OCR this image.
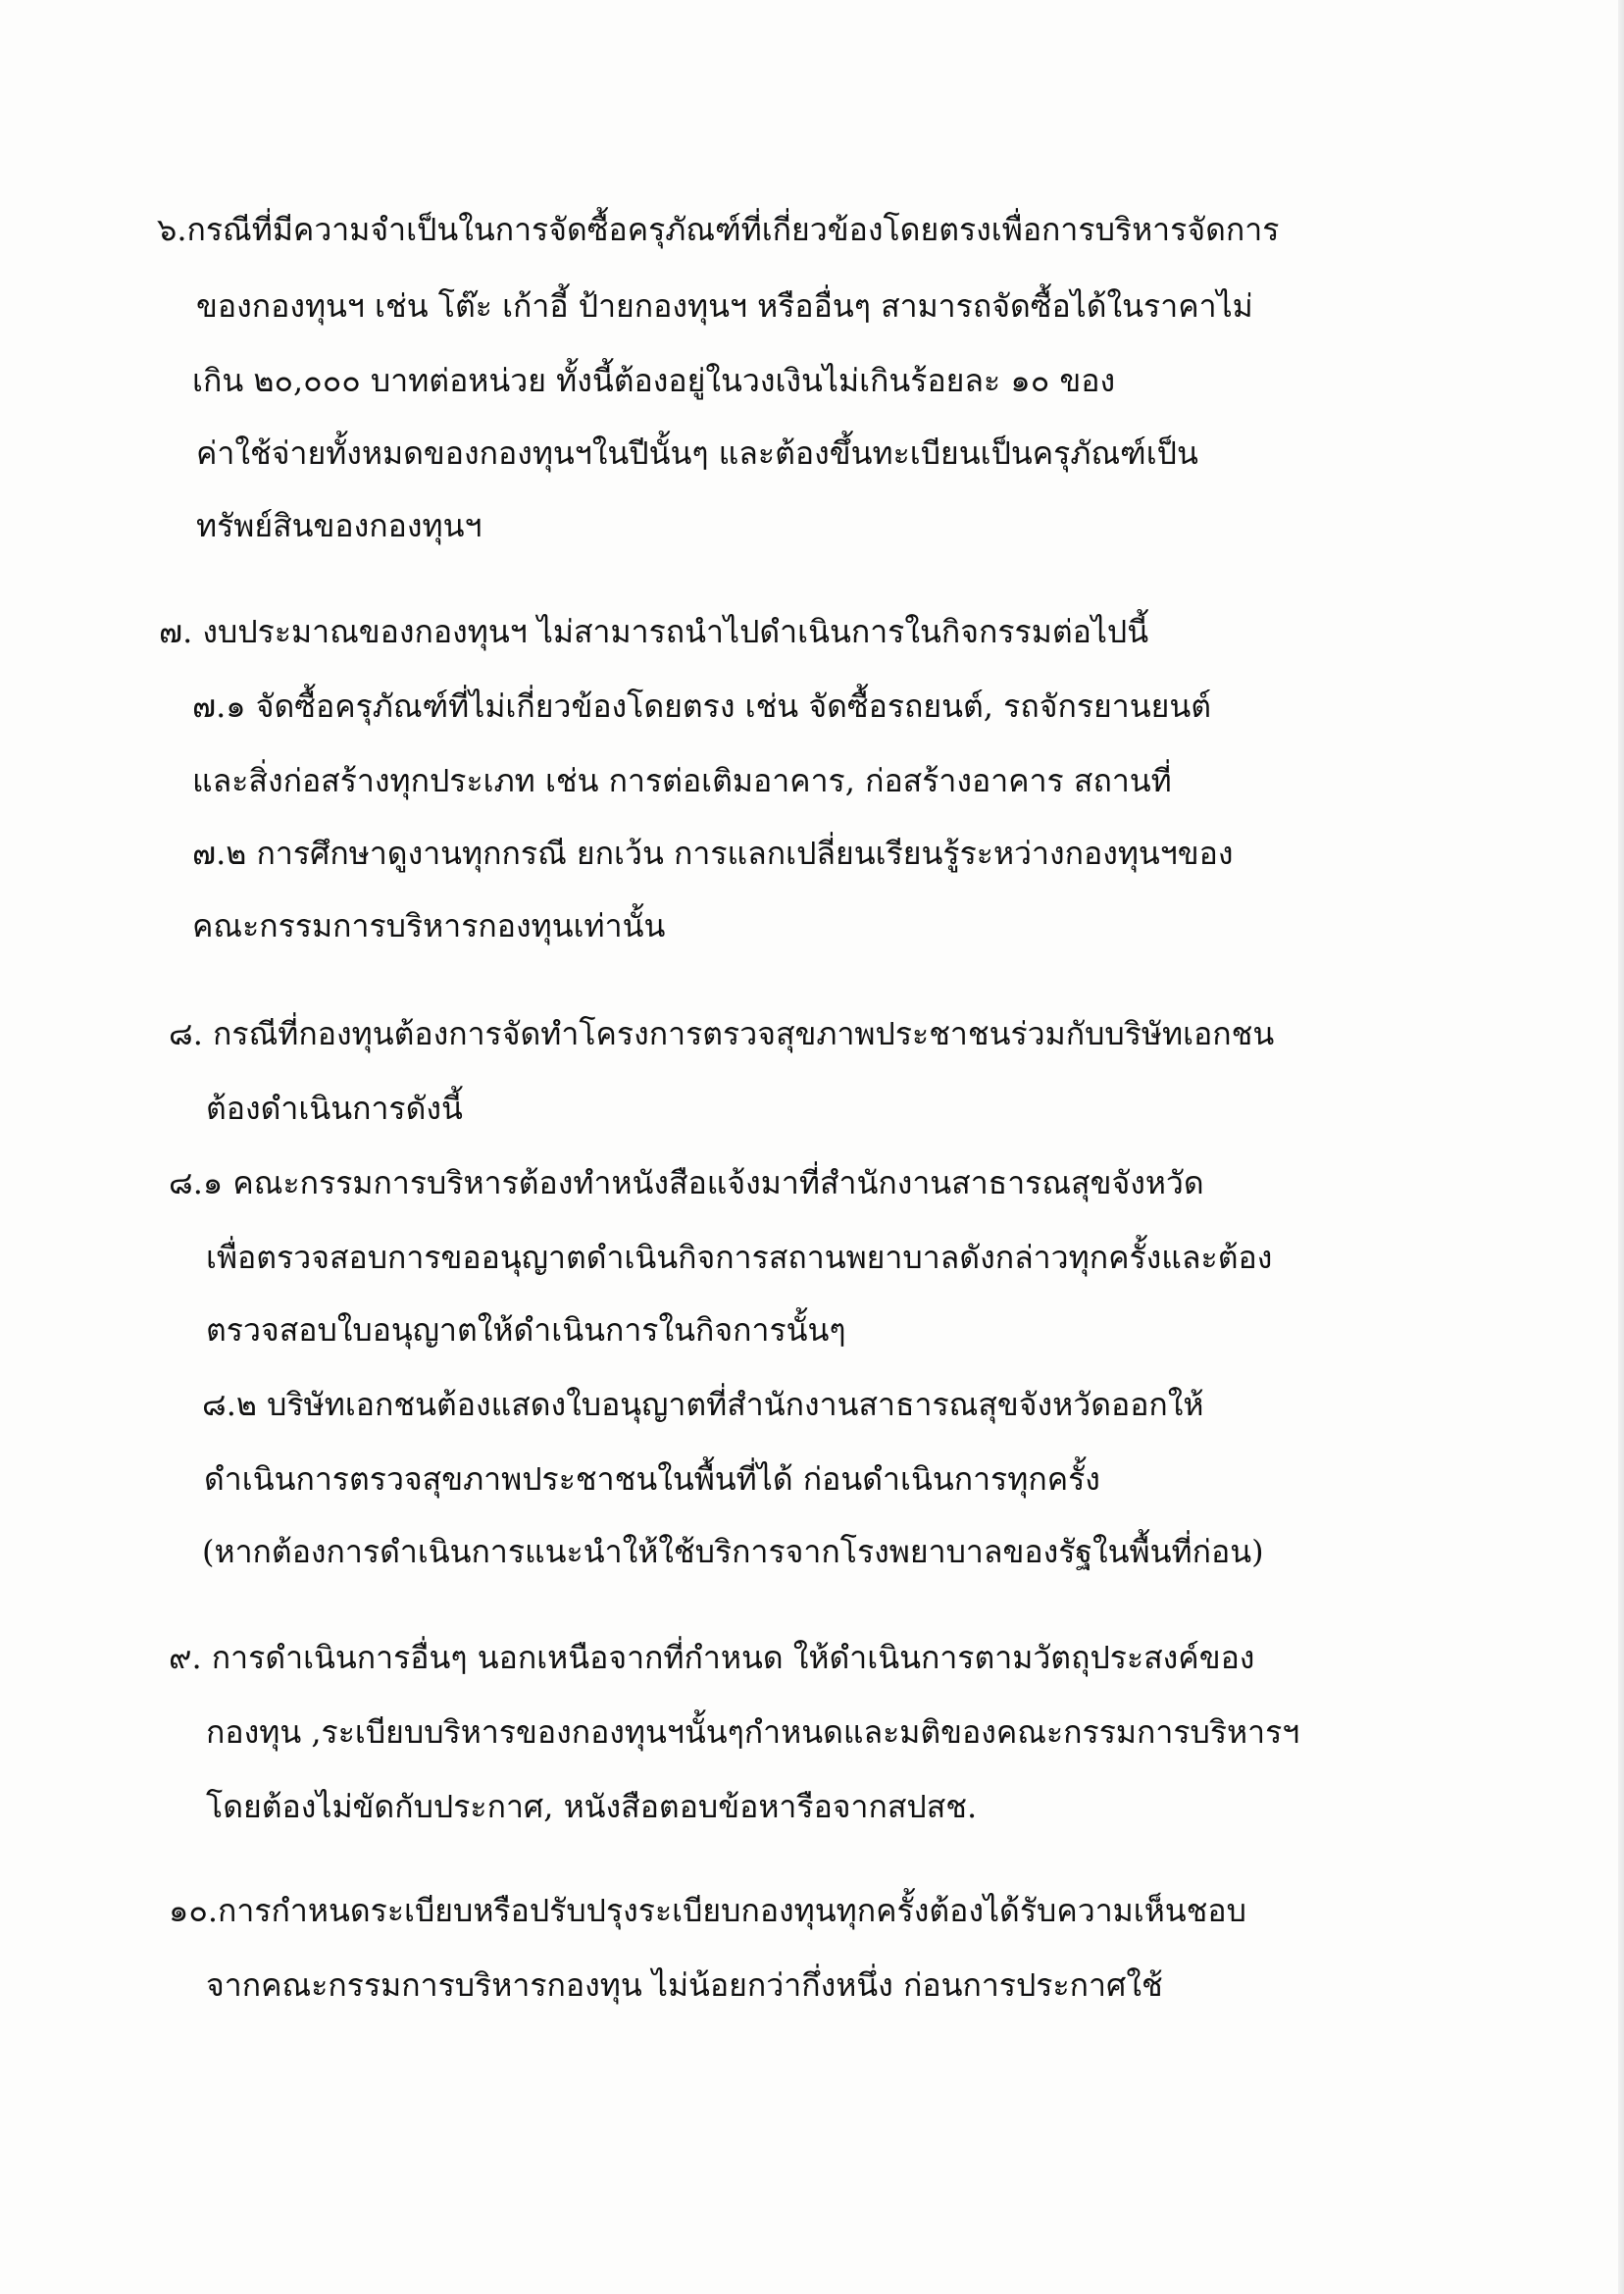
๖.กรณีที่มีความจำเป็นในการจัดซื้อครุภัณฑ์ที่เกี่ยวข้องโดยตรงเพื่อการบริหารจัดการ
ของกองทุนฯ เช่น โต๊ะ เก้าอี้ ป้ายกองทุนฯ หรืออื่นๆ สามารถจัดซื้อได้ในราคาไม่
เกิน ๒๐,๐๐๐ บาทต่อหน่วย ทั้งนี้ต้องอยู่ในวงเงินไม่เกินร้อยละ ๑๐ ของ
ค่าใช้จ่ายทั้งหมดของกองทุนฯในปีนั้นๆ และต้องขึ้นทะเบียนเป็นครุภัณฑ์เป็น
ทรัพย์สินของกองทุนฯ
๗. งบประมาณของกองทุนฯ ไม่สามารถนำไปดำเนินการในกิจกรรมต่อไปนี้
๗.๑ จัดซื้อครุภัณฑ์ที่ไม่เกี่ยวข้องโดยตรง เช่น จัดซื้อรถยนต์, รถจักรยานยนต์
และสิ่งก่อสร้างทุกประเภท เช่น การต่อเติมอาคาร, ก่อสร้างอาคาร สถานที่
๗.๒ การศึกษาดูงานทุกกรณี ยกเว้น การแลกเปลี่ยนเรียนรู้ระหว่างกองทุนฯของ
คณะกรรมการบริหารกองทุนเท่านั้น
๘. กรณีที่กองทุนต้องการจัดทำโครงการตรวจสุขภาพประชาชนร่วมกับบริษัทเอกชน
ต้องดำเนินการดังนี้
๘.๑ คณะกรรมการบริหารต้องทำหนังสือแจ้งมาที่สำนักงานสาธารณสุขจังหวัด
เพื่อตรวจสอบการขออนุญาตดำเนินกิจการสถานพยาบาลดังกล่าวทุกครั้งและต้อง
ตรวจสอบใบอนุญาตให้ดำเนินการในกิจการนั้นๆ
๘.๒ บริษัทเอกชนต้องแสดงใบอนุญาตที่สำนักงานสาธารณสุขจังหวัดออกให้
ดำเนินการตรวจสุขภาพประชาชนในพื้นที่ได้ ก่อนดำเนินการทุกครั้ง
(หากต้องการดำเนินการแนะนำให้ใช้บริการจากโรงพยาบาลของรัฐในพื้นที่ก่อน)
๙. การดำเนินการอื่นๆ นอกเหนือจากที่กำหนด ให้ดำเนินการตามวัตถุประสงค์ของ
กองทุน ,ระเบียบบริหารของกองทุนฯนั้นๆกำหนดและมติของคณะกรรมการบริหารฯ
โดยต้องไม่ขัดกับประกาศ, หนังสือตอบข้อหารือจากสปสช.
๑๐.การกำหนดระเบียบหรือปรับปรุงระเบียบกองทุนทุกครั้งต้องได้รับความเห็นชอบ
จากคณะกรรมการบริหารกองทุน ไม่น้อยกว่ากึ่งหนึ่ง ก่อนการประกาศใช้
